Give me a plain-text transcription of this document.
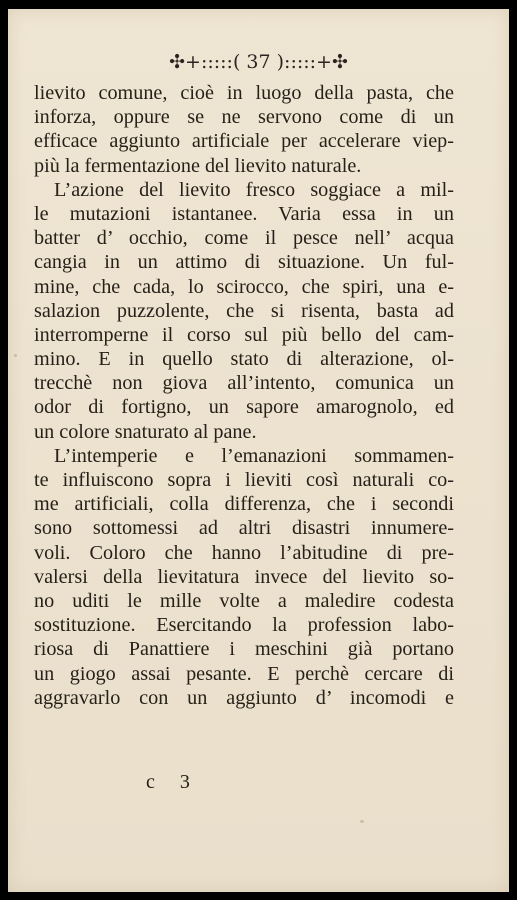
✣+:::::( 37 ):::::+✣
lievito comune, cioè in luogo della pasta, che
inforza, oppure se ne servono come di un
efficace aggiunto artificiale per accelerare viep-
più la fermentazione del lievito naturale.
L’azione del lievito fresco soggiace a mil-
le mutazioni istantanee. Varia essa in un
batter d’ occhio, come il pesce nell’ acqua
cangia in un attimo di situazione. Un ful-
mine, che cada, lo scirocco, che spiri, una e-
salazion puzzolente, che si risenta, basta ad
interromperne il corso sul più bello del cam-
mino. E in quello stato di alterazione, ol-
trecchè non giova all’intento, comunica un
odor di fortigno, un sapore amarognolo, ed
un colore snaturato al pane.
L’intemperie e l’emanazioni sommamen-
te influiscono sopra i lieviti così naturali co-
me artificiali, colla differenza, che i secondi
sono sottomessi ad altri disastri innumere-
voli. Coloro che hanno l’abitudine di pre-
valersi della lievitatura invece del lievito so-
no uditi le mille volte a maledire codesta
sostituzione. Esercitando la profession labo-
riosa di Panattiere i meschini già portano
un giogo assai pesante. E perchè cercare di
aggravarlo con un aggiunto d’ incomodi e
c 3
